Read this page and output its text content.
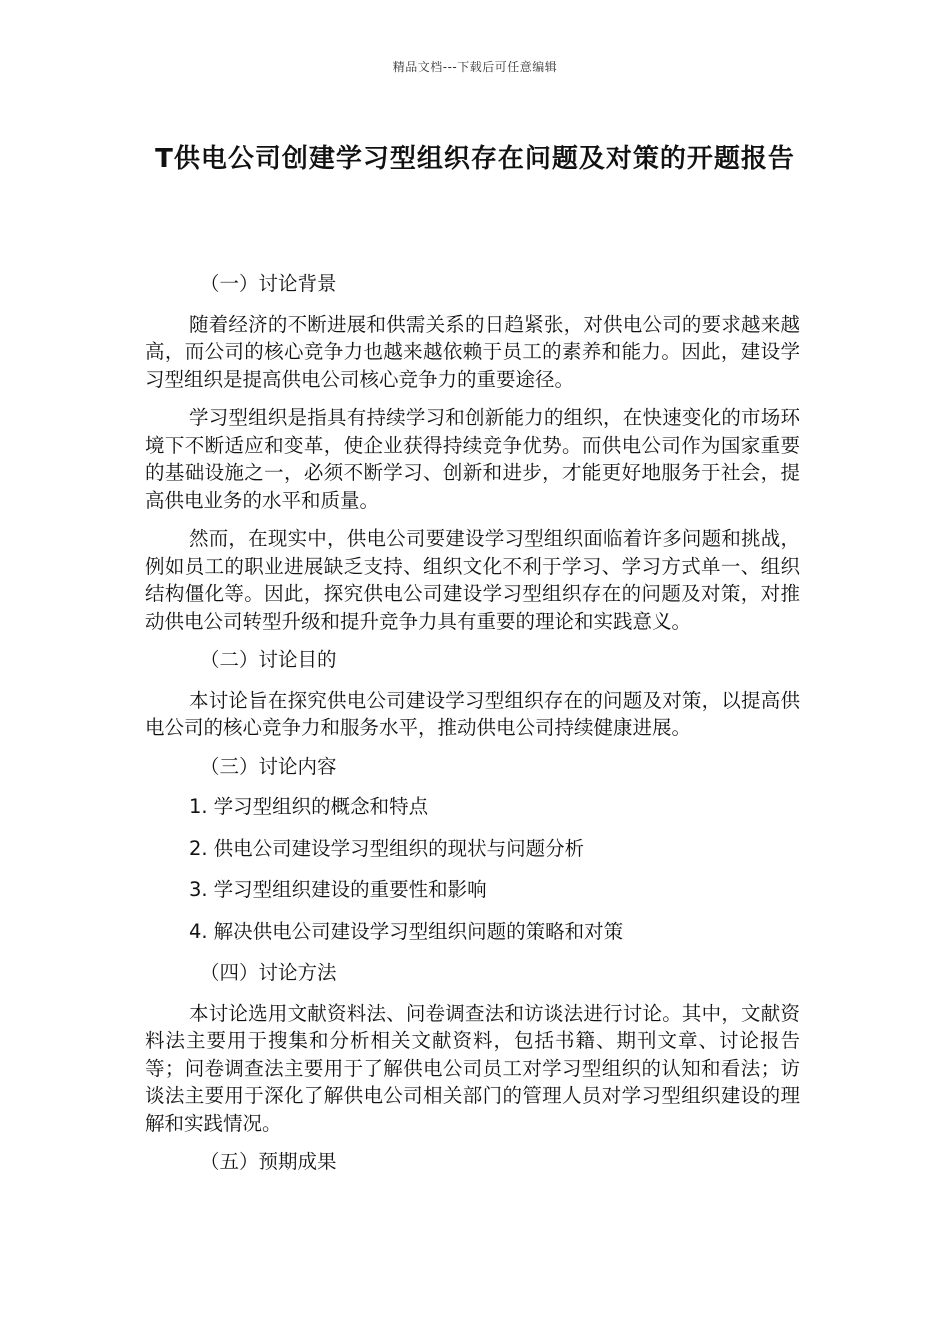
精品文档---下载后可任意编辑
T供电公司创建学习型组织存在问题及对策的开题报告
（一）讨论背景

随着经济的不断进展和供需关系的日趋紧张，对供电公司的要求越来越高，而公司的核心竞争力也越来越依赖于员工的素养和能力。因此，建设学习型组织是提高供电公司核心竞争力的重要途径。

学习型组织是指具有持续学习和创新能力的组织，在快速变化的市场环境下不断适应和变革，使企业获得持续竞争优势。而供电公司作为国家重要的基础设施之一，必须不断学习、创新和进步，才能更好地服务于社会，提高供电业务的水平和质量。

然而，在现实中，供电公司要建设学习型组织面临着许多问题和挑战，例如员工的职业进展缺乏支持、组织文化不利于学习、学习方式单一、组织结构僵化等。因此，探究供电公司建设学习型组织存在的问题及对策，对推动供电公司转型升级和提升竞争力具有重要的理论和实践意义。

（二）讨论目的

本讨论旨在探究供电公司建设学习型组织存在的问题及对策，以提高供电公司的核心竞争力和服务水平，推动供电公司持续健康进展。

（三）讨论内容
1. 学习型组织的概念和特点
2. 供电公司建设学习型组织的现状与问题分析
3. 学习型组织建设的重要性和影响
4. 解决供电公司建设学习型组织问题的策略和对策
（四）讨论方法

本讨论选用文献资料法、问卷调查法和访谈法进行讨论。其中，文献资料法主要用于搜集和分析相关文献资料，包括书籍、期刊文章、讨论报告等；问卷调查法主要用于了解供电公司员工对学习型组织的认知和看法；访谈法主要用于深化了解供电公司相关部门的管理人员对学习型组织建设的理解和实践情况。

（五）预期成果
